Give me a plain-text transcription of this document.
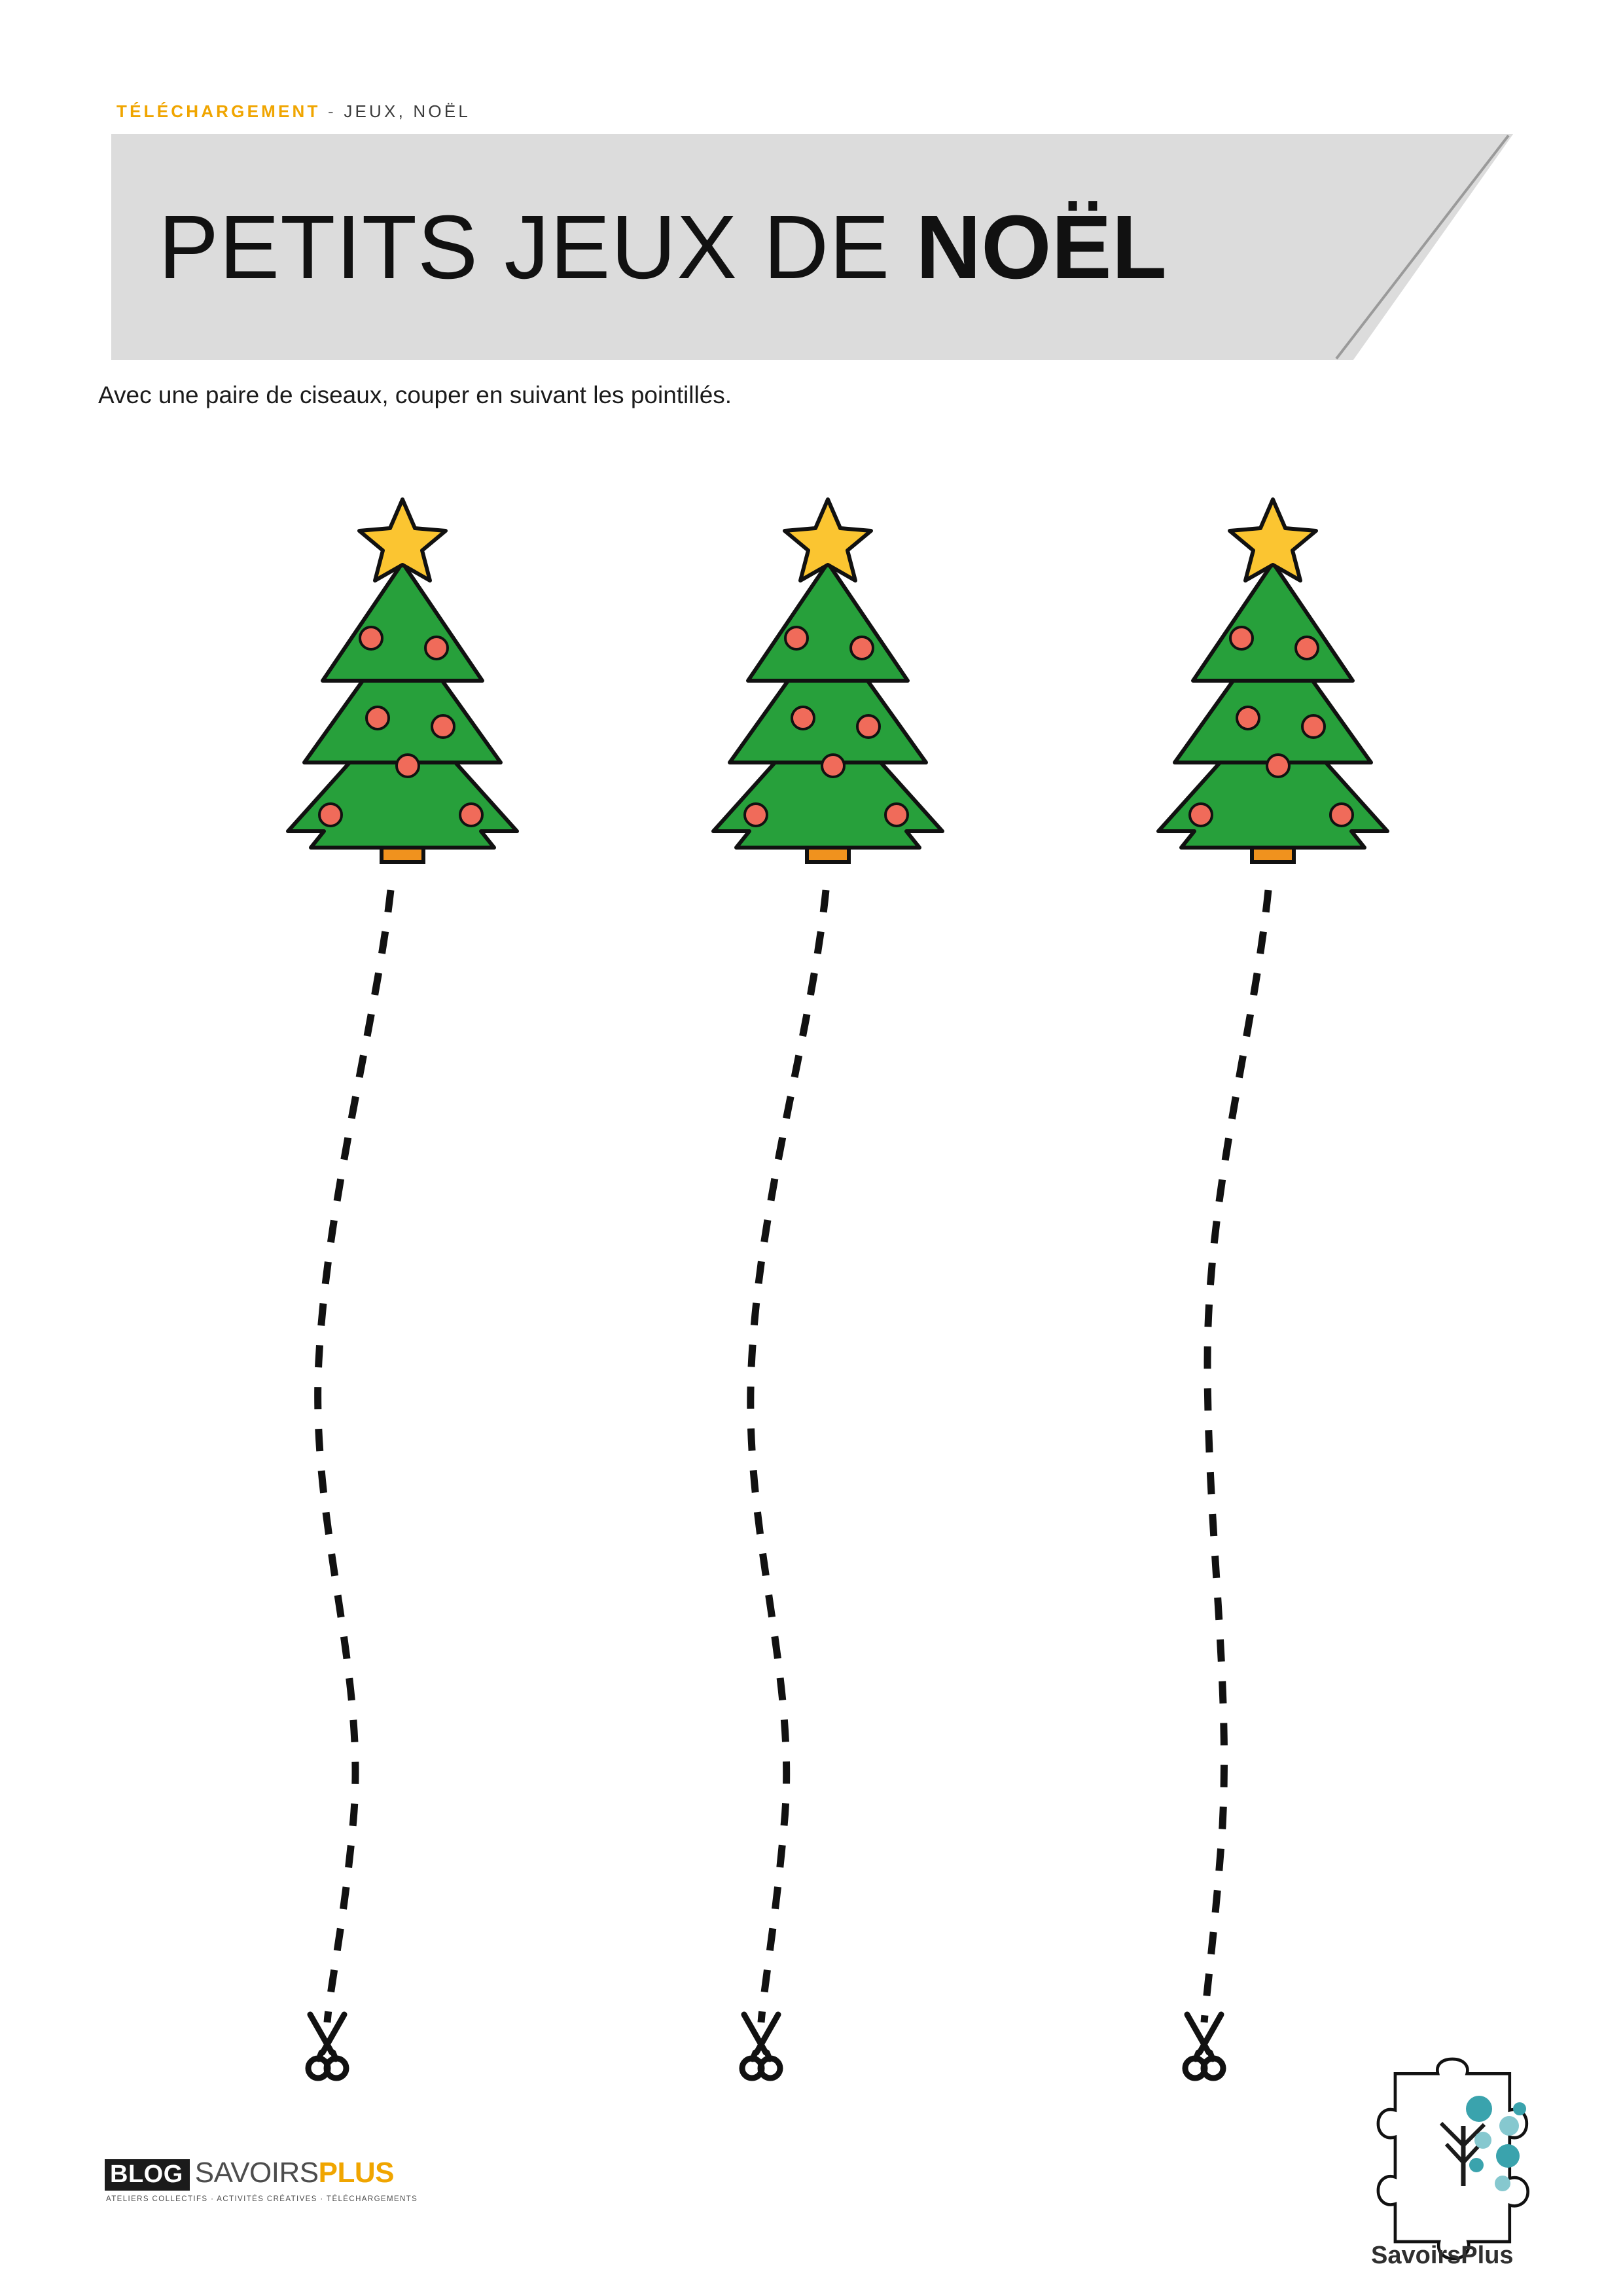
TÉLÉCHARGEMENT - JEUX, NOËL
PETITS JEUX DE NOËL
Avec une paire de ciseaux, couper en suivant les pointillés.
BLOG SAVOIRS PLUS
ATELIERS COLLECTIFS · ACTIVITÉS CRÉATIVES · TÉLÉCHARGEMENTS
SavoirsPlus
